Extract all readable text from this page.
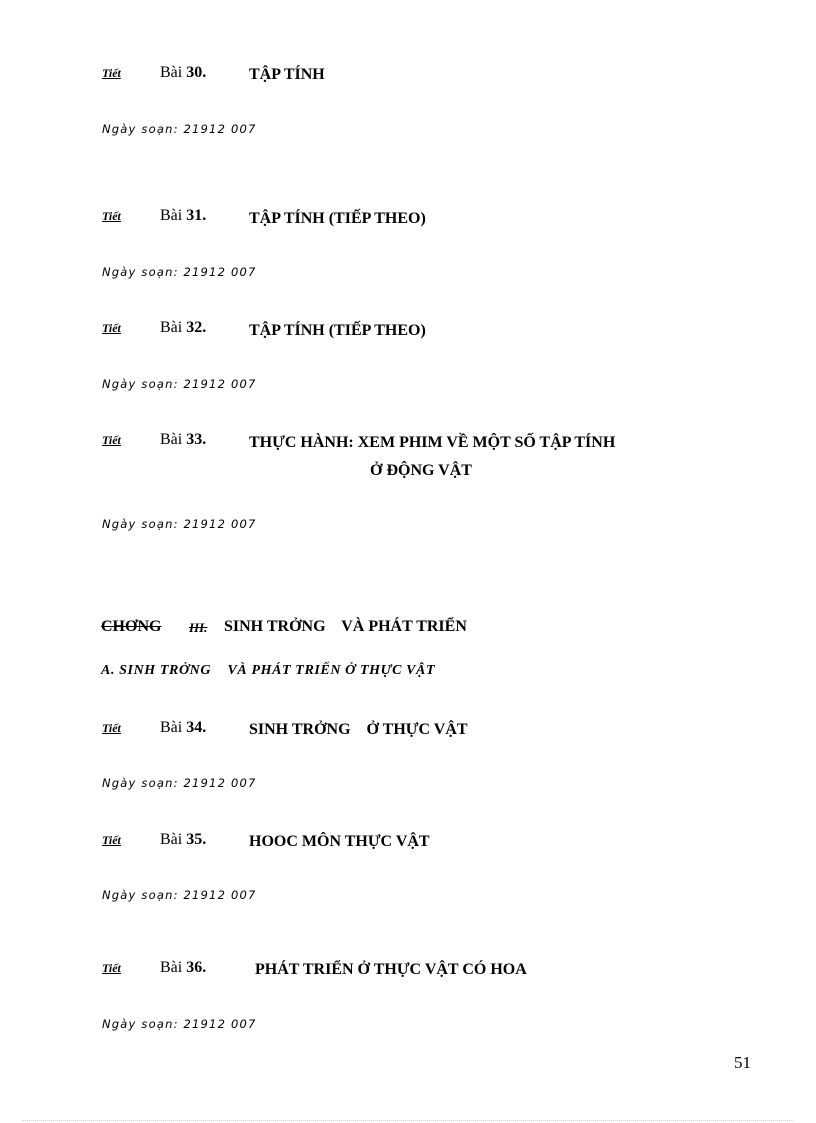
Tiết Bài 30.	TẬP TÍNH
Ngày soạn: 21912 007
Tiết Bài 31.	TẬP TÍNH (TIẾP THEO)
Ngày soạn: 21912 007
Tiết Bài 32.	TẬP TÍNH (TIẾP THEO)
Ngày soạn: 21912 007
Tiết Bài 33.	THỰC HÀNH: XEM PHIM VỀ MỘT SỐ TẬP TÍNH
Ở ĐỘNG VẬT
Ngày soạn: 21912 007
CHƠNG III. SINH TRỞNG    VÀ PHÁT TRIỂN
A. SINH TRỞNG    VÀ PHÁT TRIỂN Ở THỰC VẬT
Tiết Bài 34.	SINH TRỞNG    Ở THỰC VẬT
Ngày soạn: 21912 007
Tiết Bài 35.	HOOC MÔN THỰC VẬT
Ngày soạn: 21912 007
Tiết Bài 36.	PHÁT TRIỂN Ở THỰC VẬT CÓ HOA
Ngày soạn: 21912 007
51
